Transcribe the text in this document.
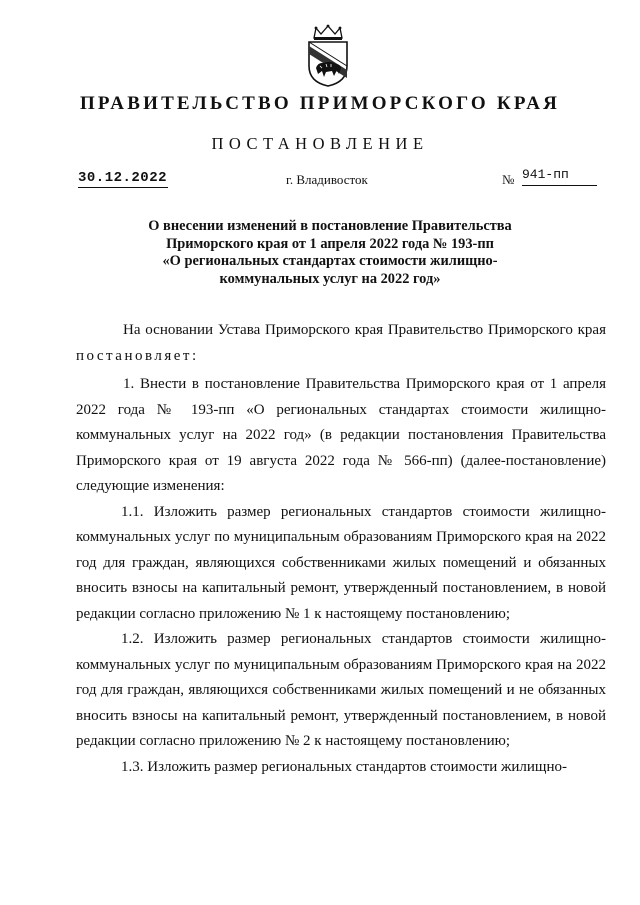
ПРАВИТЕЛЬСТВО ПРИМОРСКОГО КРАЯ
ПОСТАНОВЛЕНИЕ
30.12.2022	г. Владивосток	№ 941-пп
О внесении изменений в постановление Правительства
Приморского края от 1 апреля 2022 года № 193-пп
«О региональных стандартах стоимости жилищно-
коммунальных услуг на 2022 год»

На основании Устава Приморского края Правительство Приморского края постановляет:

1. Внести в постановление Правительства Приморского края от 1 апреля 2022 года № 193-пп «О региональных стандартах стоимости жилищно-коммунальных услуг на 2022 год» (в редакции постановления Правительства Приморского края от 19 августа 2022 года № 566-пп) (далее-постановление) следующие изменения:

1.1. Изложить размер региональных стандартов стоимости жилищно-коммунальных услуг по муниципальным образованиям Приморского края на 2022 год для граждан, являющихся собственниками жилых помещений и обязанных вносить взносы на капитальный ремонт, утвержденный постановлением, в новой редакции согласно приложению № 1 к настоящему постановлению;

1.2. Изложить размер региональных стандартов стоимости жилищно-коммунальных услуг по муниципальным образованиям Приморского края на 2022 год для граждан, являющихся собственниками жилых помещений и не обязанных вносить взносы на капитальный ремонт, утвержденный постановлением, в новой редакции согласно приложению № 2 к настоящему постановлению;

1.3. Изложить размер региональных стандартов стоимости жилищно-
